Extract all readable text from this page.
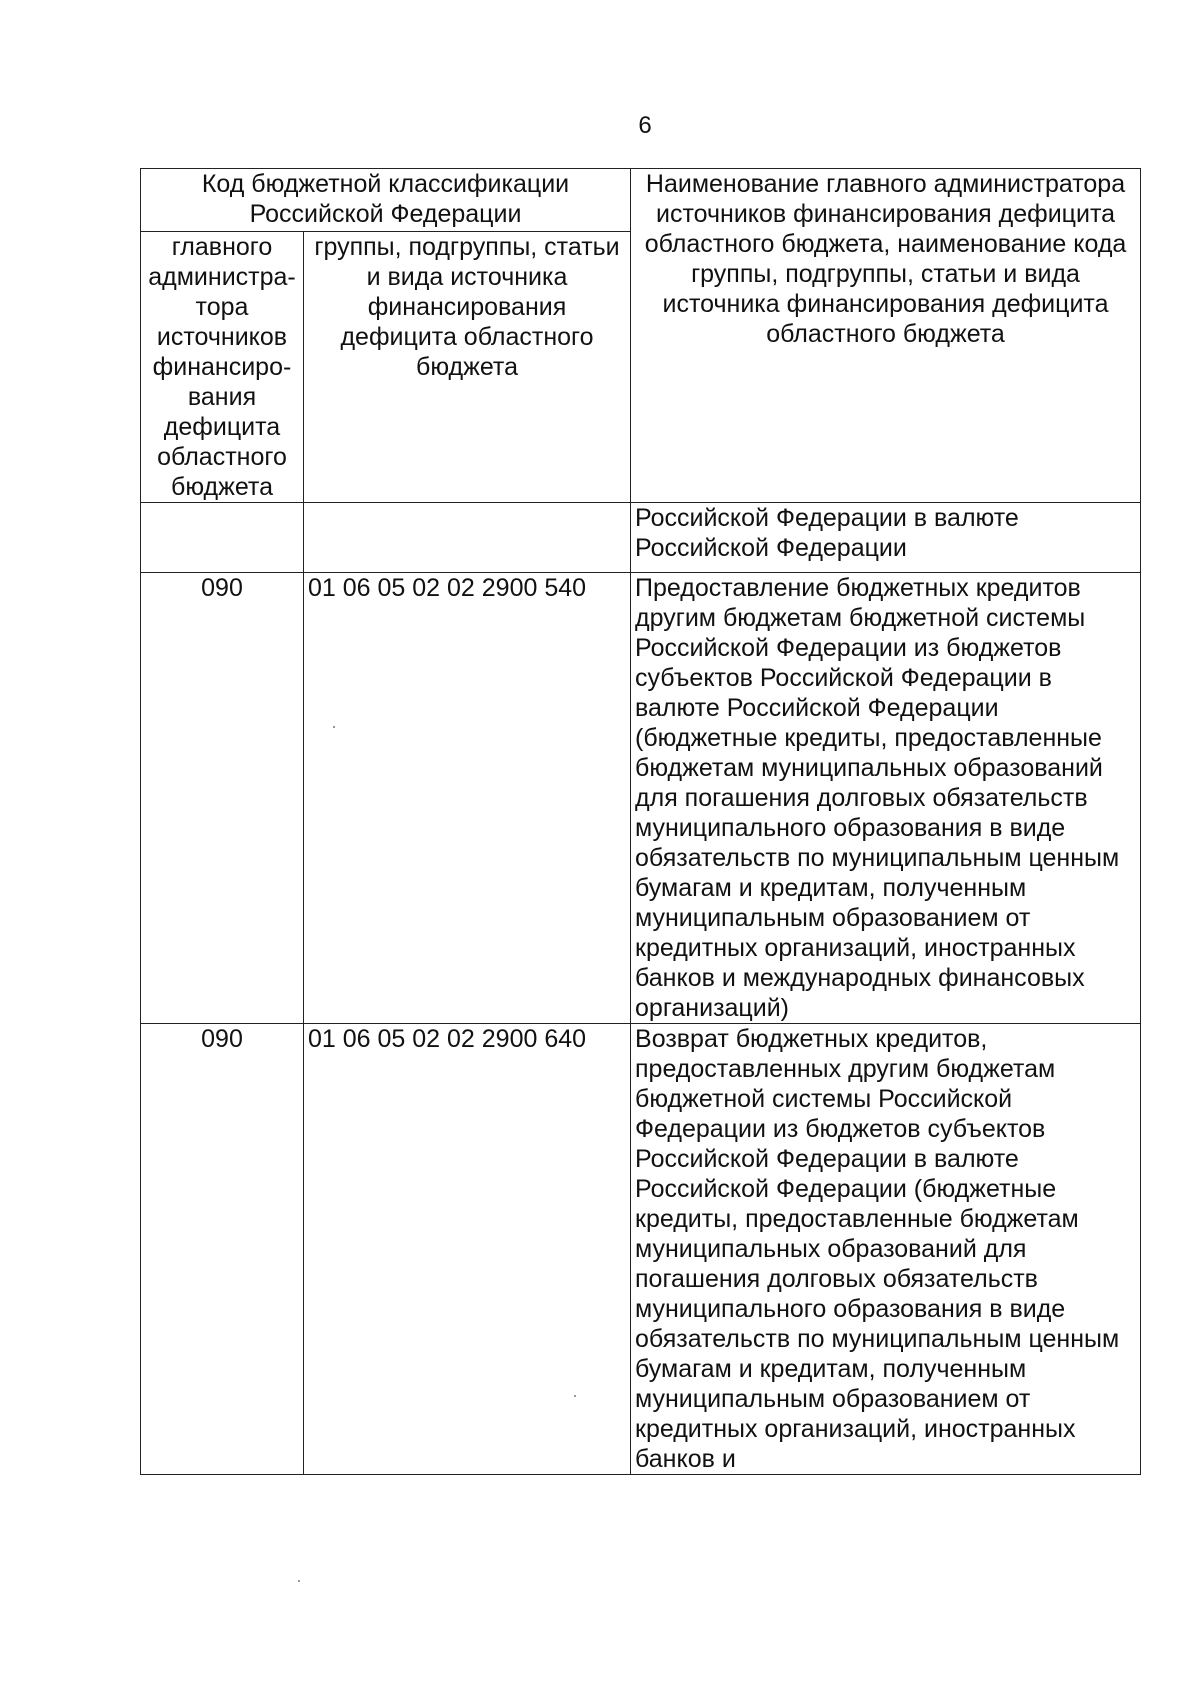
6
Код бюджетной классификации Российской Федерации		Наименование главного администратора источников финансирования дефицита областного бюджета, наименование кода группы, подгруппы, статьи и вида источника финансирования дефицита областного бюджета
главного администра-тора источников финансиро-вания дефицита областного бюджета	группы, подгруппы, статьи и вида источника финансирования дефицита областного бюджета	
		Российской Федерации в валюте Российской Федерации
090	01 06 05 02 02 2900 540	Предоставление бюджетных кредитов другим бюджетам бюджетной системы Российской Федерации из бюджетов субъектов Российской Федерации в валюте Российской Федерации (бюджетные кредиты, предоставленные бюджетам муниципальных образований для погашения долговых обязательств муниципального образования в виде обязательств по муниципальным ценным бумагам и кредитам, полученным муниципальным образованием от кредитных организаций, иностранных банков и международных финансовых организаций)
090	01 06 05 02 02 2900 640	Возврат бюджетных кредитов, предоставленных другим бюджетам бюджетной системы Российской Федерации из бюджетов субъектов Российской Федерации в валюте Российской Федерации (бюджетные кредиты, предоставленные бюджетам муниципальных образований для погашения долговых обязательств муниципального образования в виде обязательств по муниципальным ценным бумагам и кредитам, полученным муниципальным образованием от кредитных организаций, иностранных банков и
